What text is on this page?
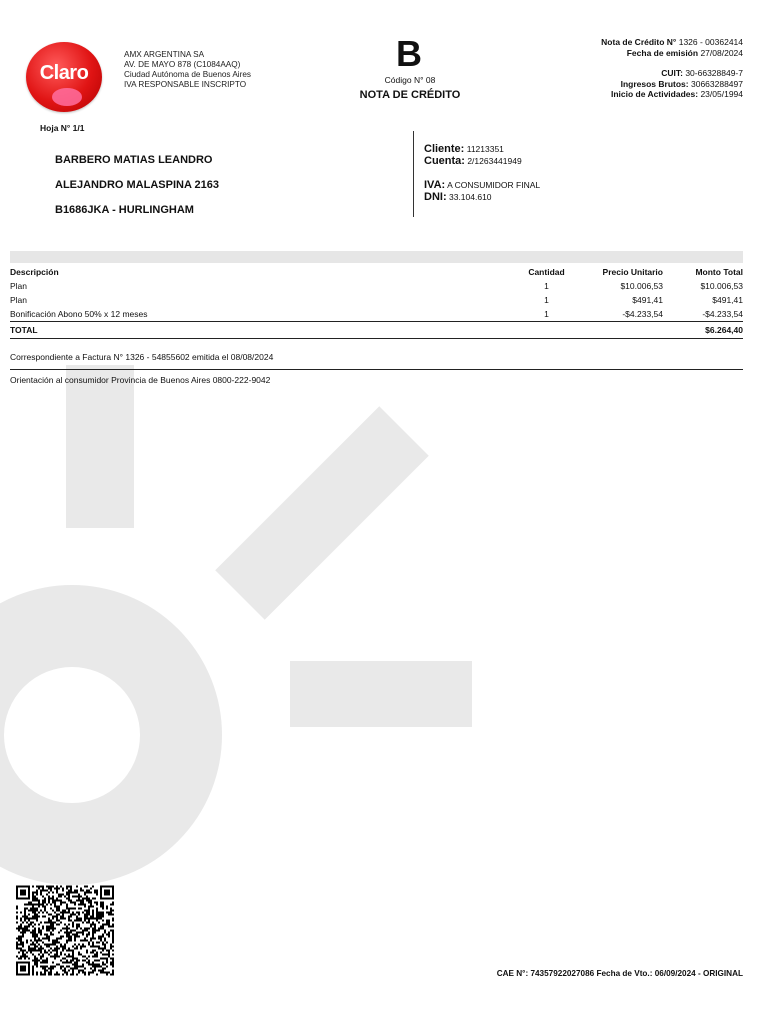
Claro
AMX ARGENTINA SA
AV. DE MAYO 878 (C1084AAQ)
Ciudad Autónoma de Buenos Aires
IVA RESPONSABLE INSCRIPTO
Hoja N° 1/1
B
Código N° 08
NOTA DE CRÉDITO
Nota de Crédito N° 1326 - 00362414
Fecha de emisión 27/08/2024
CUIT: 30-66328849-7
Ingresos Brutos: 30663288497
Inicio de Actividades: 23/05/1994
BARBERO MATIAS LEANDRO
ALEJANDRO MALASPINA 2163
B1686JKA - HURLINGHAM
Cliente: 11213351
Cuenta: 2/1263441949
IVA: A CONSUMIDOR FINAL
DNI: 33.104.610
Descripción	Cantidad	Precio Unitario	Monto Total
Plan	1	$10.006,53	$10.006,53
Plan	1	$491,41	$491,41
Bonificación Abono 50% x 12 meses	1	-$4.233,54	-$4.233,54
TOTAL			$6.264,40
Correspondiente a Factura N° 1326 - 54855602 emitida el 08/08/2024
Orientación al consumidor Provincia de Buenos Aires 0800-222-9042
CAE N°: 74357922027086 Fecha de Vto.: 06/09/2024 - ORIGINAL
